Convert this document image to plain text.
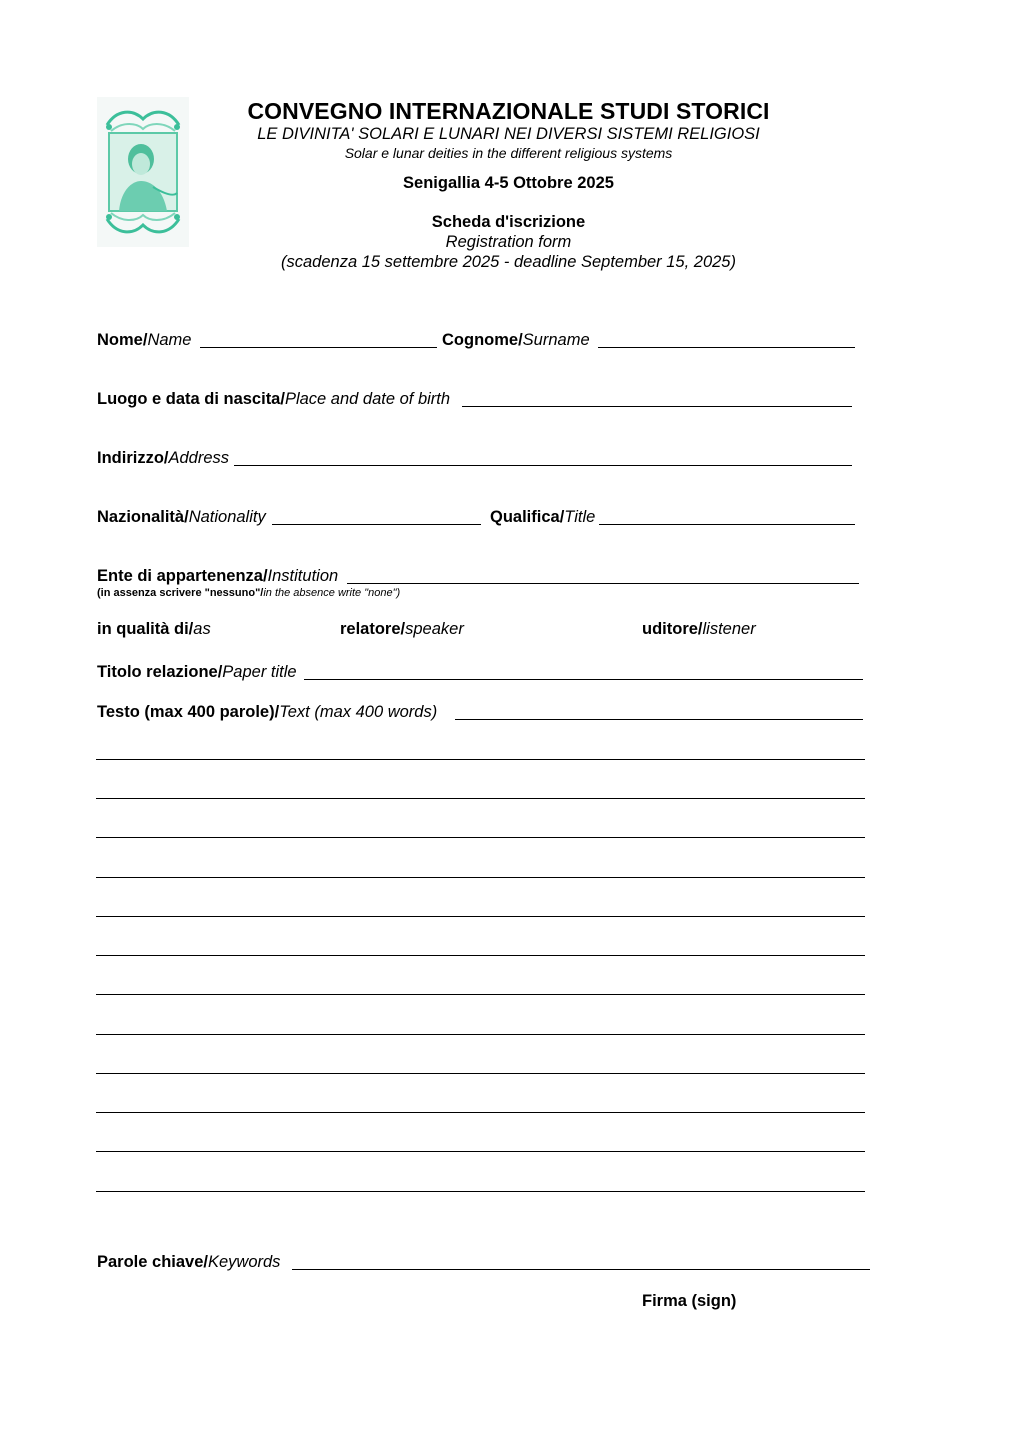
CONVEGNO INTERNAZIONALE STUDI STORICI
LE DIVINITA' SOLARI E LUNARI NEI DIVERSI SISTEMI RELIGIOSI
Solar e lunar deities in the different religious systems
Senigallia 4-5 Ottobre 2025
Scheda d'iscrizione
Registration form
(scadenza 15 settembre 2025 - deadline September 15, 2025)
Nome/Name	Cognome/Surname
Luogo e data di nascita/Place and date of birth
Indirizzo/Address
Nazionalità/Nationality	Qualifica/Title
Ente di appartenenza/Institution
(in assenza scrivere "nessuno"/in the absence write "none")
in qualità di/as	relatore/speaker	uditore/listener
Titolo relazione/Paper title
Testo (max 400 parole)/Text (max 400 words)
Parole chiave/Keywords
Firma (sign)
